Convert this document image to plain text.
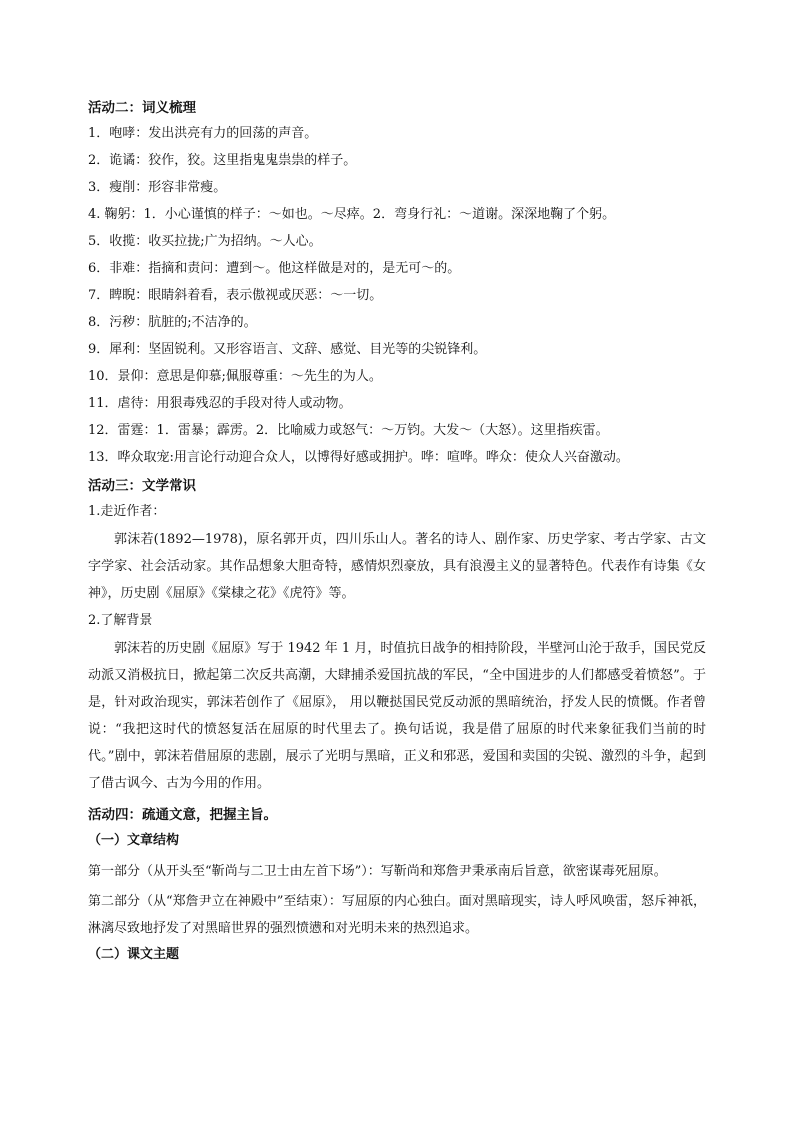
活动二：词义梳理
1．咆哮：发出洪亮有力的回荡的声音。
2．诡谲：狡作，狡。这里指鬼鬼祟祟的样子。
3．瘦削：形容非常瘦。
4. 鞠躬：1．小心谨慎的样子：～如也。～尽瘁。2．弯身行礼：～道谢。深深地鞠了个躬。
5．收揽：收买拉拢;广为招纳。～人心。
6．非难：指摘和责问：遭到～。他这样做是对的，是无可～的。
7．睥睨：眼睛斜着看，表示傲视或厌恶：～一切。
8．污秽：肮脏的;不洁净的。
9．犀利：坚固锐利。又形容语言、文辞、感觉、目光等的尖锐锋利。
10．景仰：意思是仰慕;佩服尊重：～先生的为人。
11．虐待：用狠毒残忍的手段对待人或动物。
12．雷霆：1．雷暴；霹雳。2．比喻威力或怒气：～万钧。大发～（大怒）。这里指疾雷。
13．哗众取宠:用言论行动迎合众人，以博得好感或拥护。哗：喧哗。哗众：使众人兴奋激动。
活动三：文学常识
1.走近作者：
郭沫若(1892—1978)，原名郭开贞，四川乐山人。著名的诗人、剧作家、历史学家、考古学家、古文字学家、社会活动家。其作品想象大胆奇特，感情炽烈豪放，具有浪漫主义的显著特色。代表作有诗集《女神》，历史剧《屈原》《棠棣之花》《虎符》等。
2.了解背景
郭沫若的历史剧《屈原》写于 1942 年 1 月，时值抗日战争的相持阶段，半壁河山沦于敌手，国民党反动派又消极抗日，掀起第二次反共高潮，大肆捕杀爱国抗战的军民，“全中国进步的人们都感受着愤怒”。于是，针对政治现实，郭沫若创作了《屈原》， 用以鞭挞国民党反动派的黑暗统治，抒发人民的愤慨。作者曾说：“我把这时代的愤怒复活在屈原的时代里去了。换句话说，我是借了屈原的时代来象征我们当前的时代。”剧中，郭沫若借屈原的悲剧，展示了光明与黑暗，正义和邪恶，爱国和卖国的尖锐、激烈的斗争，起到了借古讽今、古为今用的作用。
活动四：疏通文意，把握主旨。
（一）文章结构
第一部分（从开头至“靳尚与二卫士由左首下场”）：写靳尚和郑詹尹秉承南后旨意，欲密谋毒死屈原。
第二部分（从“郑詹尹立在神殿中”至结束）：写屈原的内心独白。面对黑暗现实，诗人呼风唤雷，怒斥神祇，淋漓尽致地抒发了对黑暗世界的强烈愤懑和对光明未来的热烈追求。
（二）课文主题
